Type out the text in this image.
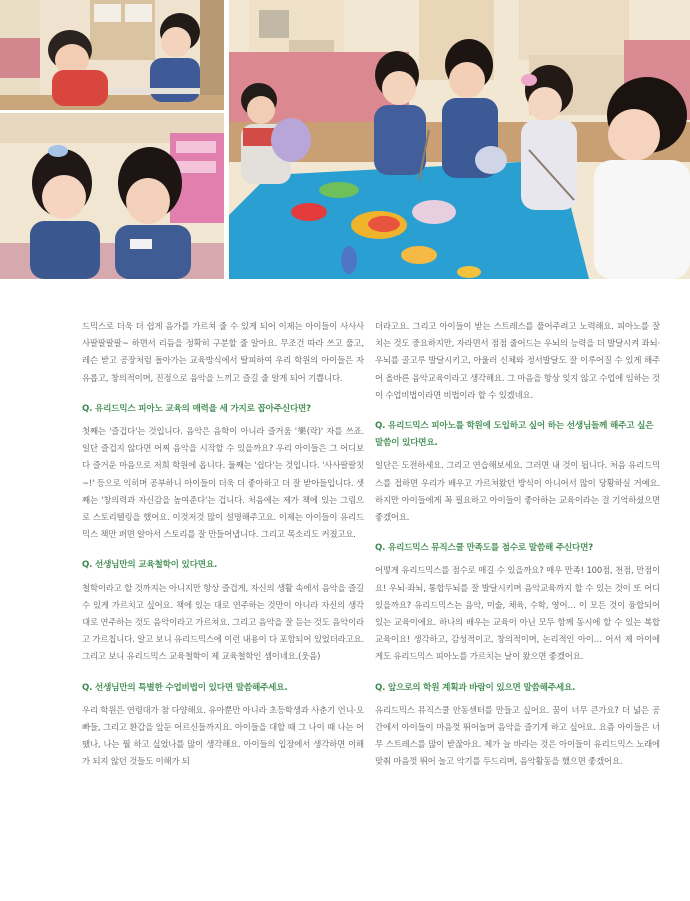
드믹스로 더욱 더 쉽게 음가를 가르쳐 줄 수 있게 되어 이제는 아이들이 사사사사팔팔팔팔~ 하면서 리듬을 정확히 구분할 줄 알아요. 무조건 따라 쓰고 풀고, 레슨 받고 공장처럼 돌아가는 교육방식에서 탈피하여 우리 학원의 아이들은 자유롭고, 창의적이며, 진정으로 음악을 느끼고 즐길 줄 알게 되어 기쁩니다.

Q. 유리드믹스 피아노 교육의 매력을 세 가지로 꼽아주신다면?

첫째는 '즐겁다'는 것입니다. 음악은 음학이 아니라 즐거움 '樂(락)' 자를 쓰죠. 일단 즐겁지 않다면 어찌 음악을 시작할 수 있을까요? 우리 아이들은 그 어디보다 즐거운 마음으로 저희 학원에 옵니다. 둘째는 '쉽다'는 것입니다. '사사팔팔칫~!' 등으로 익히며 공부하니 아이들이 더욱 더 좋아하고 더 잘 받아들입니다. 셋째는 '창의력과 자신감을 높여준다'는 겁니다. 처음에는 제가 책에 있는 그림으로 스토리텔링을 했어요. 이것저것 많이 설명해주고요. 이제는 아이들이 유리드믹스 책만 펴면 알아서 스토리를 잘 만들어냅니다. 그리고 목소리도 커졌고요.

Q. 선생님만의 교육철학이 있다면요.

철학이라고 할 것까지는 아니지만 항상 즐겁게, 자신의 생활 속에서 음악을 즐길 수 있게 가르치고 싶어요. 책에 있는 대로 연주하는 것만이 아니라 자신의 생각대로 연주하는 것도 음악이라고 가르쳐요. 그리고 음악을 잘 듣는 것도 음악이라고 가르칩니다. 알고 보니 유리드믹스에 이런 내용이 다 포함되어 있었더라고요. 그리고 보니 유리드믹스 교육철학이 제 교육철학인 셈이네요.(웃음)

Q. 선생님만의 특별한 수업비법이 있다면 말씀해주세요.

우리 학원은 연령대가 참 다양해요. 유아뿐만 아니라 초등학생과 사춘기 언니·오빠들, 그리고 환갑을 앞둔 어르신들까지요. 아이들을 대할 때 그 나이 때 나는 어땠나, 나는 뭘 하고 싶었나를 많이 생각해요. 아이들의 입장에서 생각하면 이해가 되지 않던 것들도 이해가 되

더라고요. 그리고 아이들이 받는 스트레스를 풀어주려고 노력해요. 피아노를 잘 치는 것도 중요하지만, 자라면서 점점 줄어드는 우뇌의 능력을 더 발달시켜 좌뇌·우뇌를 골고루 발달시키고, 아울러 신체와 정서발달도 잘 이루어질 수 있게 해주어 올바른 음악교육이라고 생각해요. 그 마음을 항상 잊지 않고 수업에 임하는 것이 수업비법이라면 비법이라 할 수 있겠네요.

Q. 유리드믹스 피아노를 학원에 도입하고 싶어 하는 선생님들께 해주고 싶은 말씀이 있다면요.

일단은 도전하세요. 그리고 연습해보세요. 그러면 내 것이 됩니다. 처음 유리드믹스를 접하면 우리가 배우고 가르쳐왔던 방식이 아니어서 많이 당황하실 거예요. 하지만 아이들에게 꼭 필요하고 아이들이 좋아하는 교육이라는 걸 기억하셨으면 좋겠어요.

Q. 유리드믹스 뮤직스쿨 만족도를 점수로 말씀해 주신다면?

어떻게 유리드믹스를 점수로 매길 수 있을까요? 매우 만족! 100점, 천점, 만점이요! 우뇌·좌뇌, 통합두뇌를 잘 발달시키며 음악교육까지 할 수 있는 것이 또 어디 있을까요? 유리드믹스는 음악, 미술, 체육, 수학, 영어… 이 모든 것이 융합되어있는 교육이에요. 하나의 배우는 교육이 아닌 모두 함께 동시에 할 수 있는 복합교육이요! 생각하고, 감성적이고, 창의적이며, 논리적인 아이… 어서 제 아이에게도 유리드믹스 피아노를 가르치는 날이 왔으면 좋겠어요.

Q. 앞으로의 학원 계획과 바람이 있으면 말씀해주세요.

유리드믹스 뮤직스쿨 안동센터를 만들고 싶어요. 꿈이 너무 큰가요? 더 넓은 공간에서 아이들이 마음껏 뛰어놀며 음악을 즐기게 하고 싶어요. 요즘 아이들은 너무 스트레스를 많이 받잖아요. 제가 늘 바라는 것은 아이들이 유리드믹스 노래에 맞춰 마음껏 뛰어 놀고 악기를 두드리며, 음악활동을 했으면 좋겠어요.
